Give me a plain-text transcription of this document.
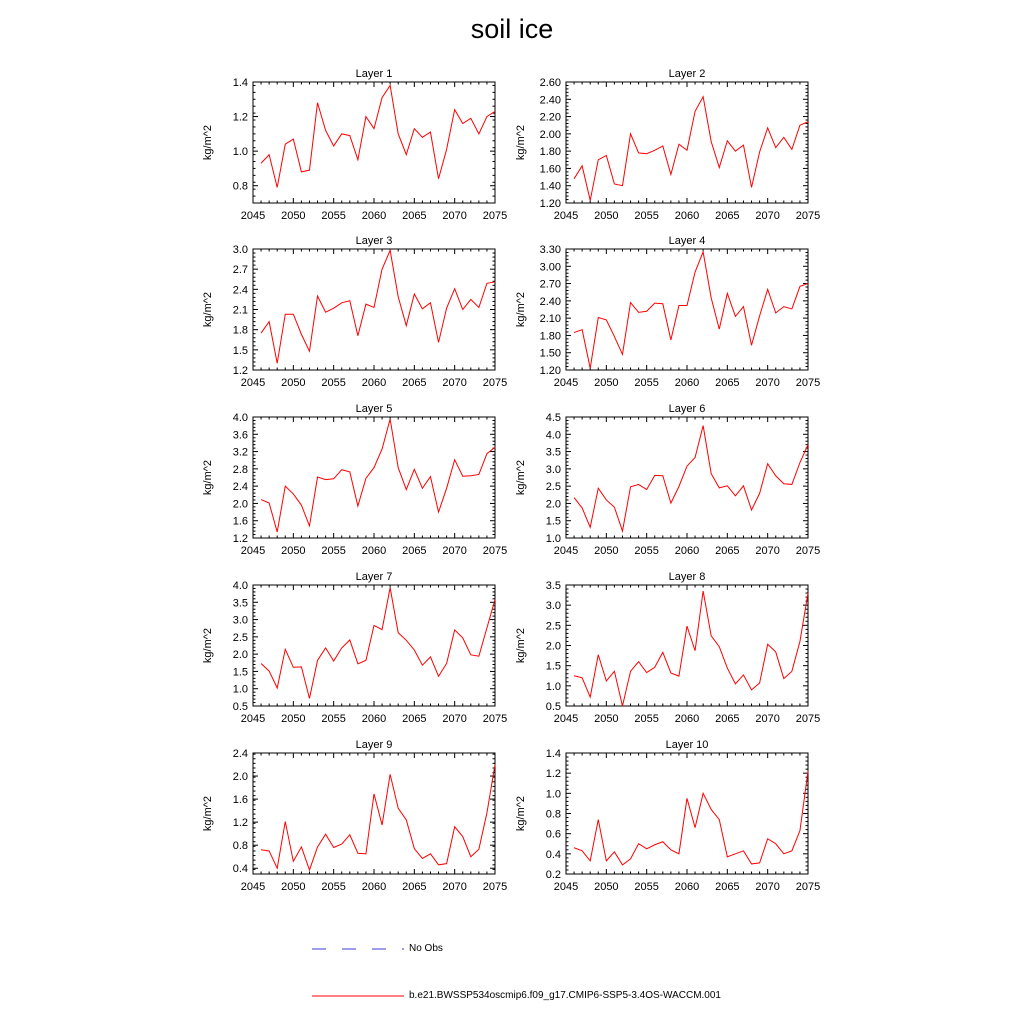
soil ice
Layer 1
kg/m^2
2045 2050 2055 2060 2065 2070 2075
0.8
1.0
1.2
1.4
Layer 2
kg/m^2
2045 2050 2055 2060 2065 2070 2075
1.20
1.40
1.60
1.80
2.00
2.20
2.40
2.60
Layer 3
kg/m^2
2045 2050 2055 2060 2065 2070 2075
1.2
1.5
1.8
2.1
2.4
2.7
3.0
Layer 4
kg/m^2
2045 2050 2055 2060 2065 2070 2075
1.20
1.50
1.80
2.10
2.40
2.70
3.00
3.30
Layer 5
kg/m^2
2045 2050 2055 2060 2065 2070 2075
1.2
1.6
2.0
2.4
2.8
3.2
3.6
4.0
Layer 6
kg/m^2
2045 2050 2055 2060 2065 2070 2075
1.0
1.5
2.0
2.5
3.0
3.5
4.0
4.5
Layer 7
kg/m^2
2045 2050 2055 2060 2065 2070 2075
0.5
1.0
1.5
2.0
2.5
3.0
3.5
4.0
Layer 8
kg/m^2
2045 2050 2055 2060 2065 2070 2075
0.5
1.0
1.5
2.0
2.5
3.0
3.5
Layer 9
kg/m^2
2045 2050 2055 2060 2065 2070 2075
0.4
0.8
1.2
1.6
2.0
2.4
Layer 10
kg/m^2
2045 2050 2055 2060 2065 2070 2075
0.2
0.4
0.6
0.8
1.0
1.2
1.4
No Obs
b.e21.BWSSP534oscmip6.f09_g17.CMIP6-SSP5-3.4OS-WACCM.001
